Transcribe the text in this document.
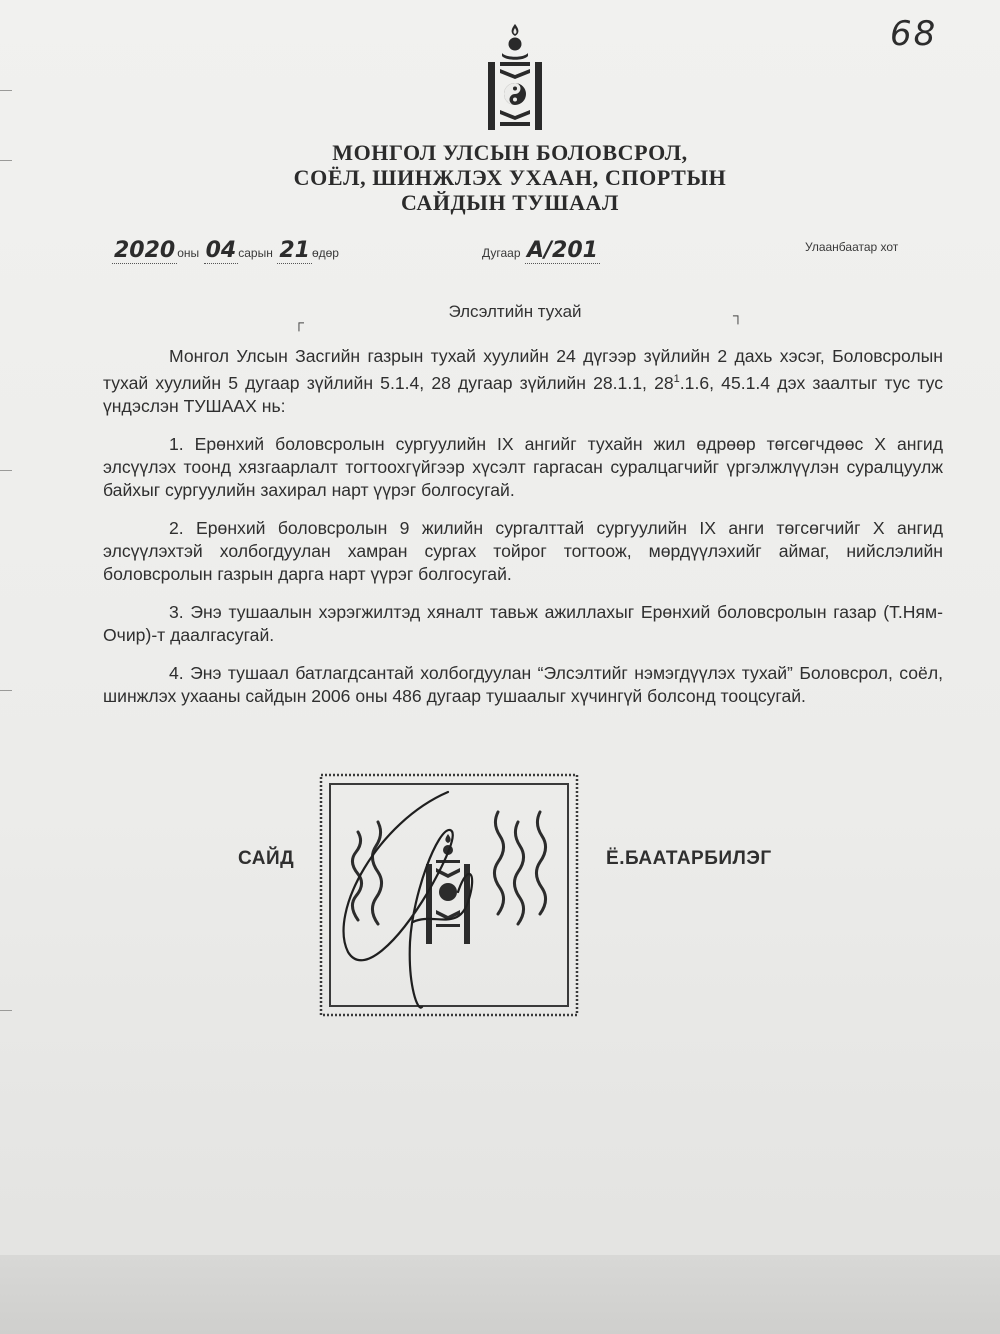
68
МОНГОЛ УЛСЫН БОЛОВСРОЛ,
СОЁЛ, ШИНЖЛЭХ УХААН, СПОРТЫН
САЙДЫН ТУШААЛ
2020 оны 04 сарын 21 өдөр	Дугаар А/201	Улаанбаатар хот
┌
Элсэлтийн тухай	┐

Монгол Улсын Засгийн газрын тухай хуулийн 24 дүгээр зүйлийн 2 дахь хэсэг, Боловсролын тухай хуулийн 5 дугаар зүйлийн 5.1.4, 28 дугаар зүйлийн 28.1.1, $28^1.1.6$, 45.1.4 дэх заалтыг тус тус үндэслэн ТУШААХ нь:

1. Ерөнхий боловсролын сургуулийн IX ангийг тухайн жил өдрөөр төгсөгчдөөс Х ангид элсүүлэх тоонд хязгаарлалт тогтоохгүйгээр хүсэлт гаргасан суралцагчийг үргэлжлүүлэн суралцуулж байхыг сургуулийн захирал нарт үүрэг болгосугай.

2. Ерөнхий боловсролын 9 жилийн сургалттай сургуулийн IX анги төгсөгчийг Х ангид элсүүлэхтэй холбогдуулан хамран сургах тойрог тогтоож, мөрдүүлэхийг аймаг, нийслэлийн боловсролын газрын дарга нарт үүрэг болгосугай.

3. Энэ тушаалын хэрэгжилтэд хяналт тавьж ажиллахыг Ерөнхий боловсролын газар (Т.Ням-Очир)-т даалгасугай.

4. Энэ тушаал батлагдсантай холбогдуулан “Элсэлтийг нэмэгдүүлэх тухай” Боловсрол, соёл, шинжлэх ухааны сайдын 2006 оны 486 дугаар тушаалыг хүчингүй болсонд тооцсугай.

САЙД	Ё.БААТАРБИЛЭГ
